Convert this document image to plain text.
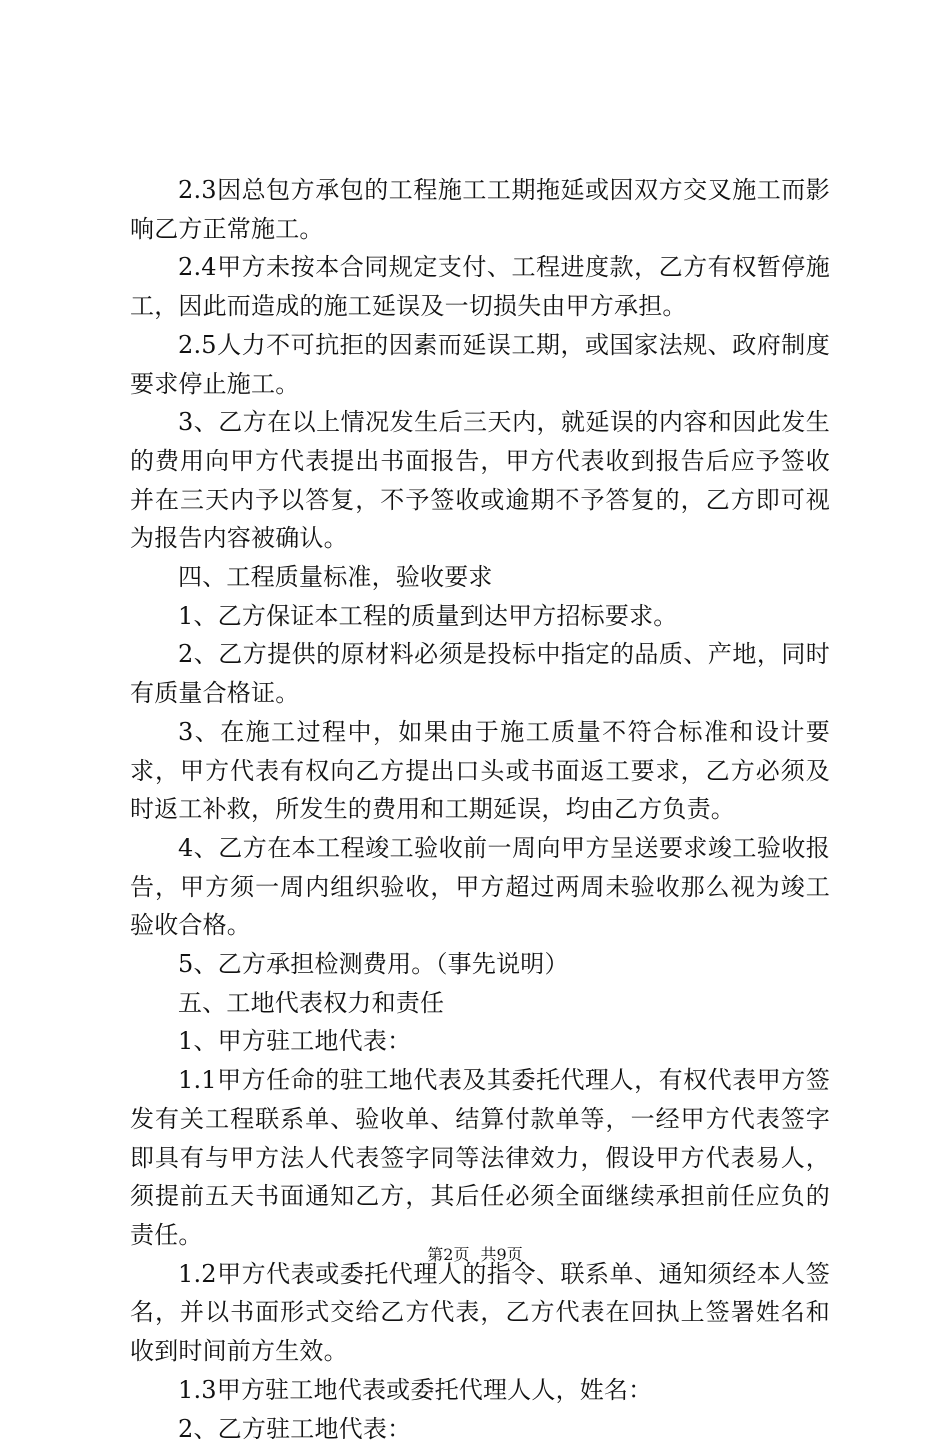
2.3因总包方承包的工程施工工期拖延或因双方交叉施工而影响乙方正常施工。

2.4甲方未按本合同规定支付、工程进度款，乙方有权暂停施工，因此而造成的施工延误及一切损失由甲方承担。

2.5人力不可抗拒的因素而延误工期，或国家法规、政府制度要求停止施工。

3、乙方在以上情况发生后三天内，就延误的内容和因此发生的费用向甲方代表提出书面报告，甲方代表收到报告后应予签收并在三天内予以答复，不予签收或逾期不予答复的，乙方即可视为报告内容被确认。

四、工程质量标准，验收要求

1、乙方保证本工程的质量到达甲方招标要求。

2、乙方提供的原材料必须是投标中指定的品质、产地，同时有质量合格证。

3、在施工过程中，如果由于施工质量不符合标准和设计要求，甲方代表有权向乙方提出口头或书面返工要求，乙方必须及时返工补救，所发生的费用和工期延误，均由乙方负责。

4、乙方在本工程竣工验收前一周向甲方呈送要求竣工验收报告，甲方须一周内组织验收，甲方超过两周未验收那么视为竣工验收合格。

5、乙方承担检测费用。（事先说明）

五、工地代表权力和责任

1、甲方驻工地代表：

1.1甲方任命的驻工地代表及其委托代理人，有权代表甲方签发有关工程联系单、验收单、结算付款单等，一经甲方代表签字即具有与甲方法人代表签字同等法律效力，假设甲方代表易人，须提前五天书面通知乙方，其后任必须全面继续承担前任应负的责任。

1.2甲方代表或委托代理人的指令、联系单、通知须经本人签名，并以书面形式交给乙方代表，乙方代表在回执上签署姓名和收到时间前方生效。

1.3甲方驻工地代表或委托代理人人，姓名：

2、乙方驻工地代表：

第2页 共9页
